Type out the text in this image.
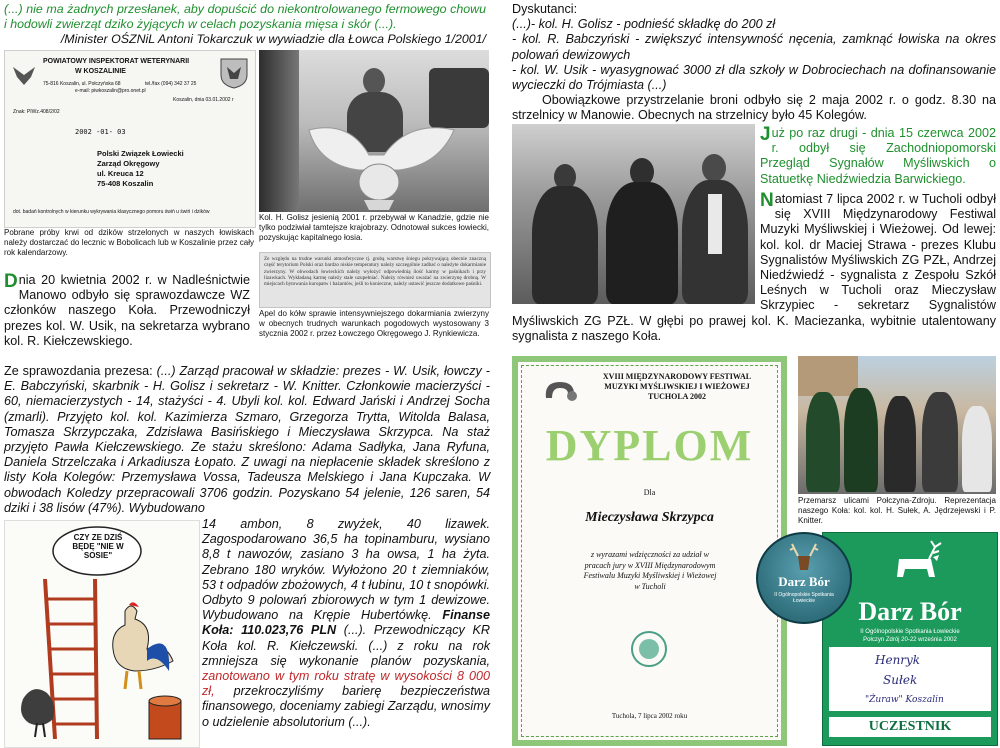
(...) nie ma żadnych przesłanek, aby dopuścić do niekontrolowanego fermowego chowu i hodowli zwierząt dziko żyjących w celach pozyskania mięsa i skór (...).
/Minister OŚZNiL Antoni Tokarczuk w wywiadzie dla Łowca Polskiego 1/2001/
POWIATOWY INSPEKTORAT WETERYNARII
W KOSZALINIE
75-816 Koszalin, ul. Połczyńska 68	tel./fax (094) 342 37 25
e-mail: piwkoszalin@pro.onet.pl
Koszalin, dnia 03.01.2002 r
Znak: PIWz.408/2/02
2002 -01- 03
Polski Związek Łowiecki
Zarząd Okręgowy
ul. Kreuca 12
75-408 Koszalin
dot. badań kontrolnych w kierunku wykrywania klasycznego pomoru świń u świń i dzików
Pobrane próby krwi od dzików strzelonych w naszych łowiskach należy dostarczać do lecznic w Bobolicach lub w Koszalinie przez cały rok kalendarzowy.
Kol. H. Golisz jesienią 2001 r. przebywał w Kanadzie, gdzie nie tylko podziwiał tamtejsze krajobrazy. Odnotował sukces łowiecki, pozyskując kapitalnego łosia.
Ze względu na trudne warunki atmosferyczne tj. grubą warstwę śniegu pokrywającą obecnie znaczną część terytorium Polski oraz bardzo niskie temperatury należy szczególnie zadbać o należyte dokarmianie zwierzyny. W obwodach łowieckich należy wyłożyć odpowiednią ilość karmy w paśnikach i przy lizawkach. Wykładaną karmę należy stale uzupełniać. Należy również uważać na zwierzynę drobną. W miejscach bytowania kuropatw i bażantów, jeśli to konieczne, należy ustawić jeszcze dodatkowe paśniki.
Apel do kółw sprawie intensywniejszego dokarmiania zwierzyny w obecnych trudnych warunkach pogodowych wystosowany 3 stycznia 2002 r. przez Łowczego Okręgowego J. Rynkiewicza.
Dnia 20 kwietnia 2002 r. w Nadleśnictwie Manowo odbyło się sprawozdawcze WZ członków naszego Koła. Przewodniczył prezes kol. W. Usik, na sekretarza wybrano kol. R. Kiełczewskiego.
Ze sprawozdania prezesa: (...) Zarząd pracował w składzie: prezes - W. Usik, łowczy - E. Babczyński, skarbnik - H. Golisz i sekretarz - W. Knitter. Członkowie macierzyści - 60, niemacierzystych - 14, stażyści - 4. Ubyli kol. kol. Edward Jański i Andrzej Socha (zmarli). Przyjęto kol. kol. Kazimierza Szmaro, Grzegorza Trytta, Witolda Balasa, Tomasza Skrzypczaka, Zdzisława Basińskiego i Mieczysława Skrzypca. Na staż przyjęto Pawła Kiełczewskiego. Ze stażu skreślono: Adama Sadłyka, Jana Ryfuna, Daniela Strzelczaka i Arkadiusza Łopato. Z uwagi na niepłacenie składek skreślono z listy Koła Kolegów: Przemysława Vossa, Tadeusza Melskiego i Jana Kupczaka. W obwodach Koledzy przepracowali 3706 godzin. Pozyskano 54 jelenie, 126 saren, 54 dziki i 38 lisów (47%). Wybudowano
CZY ZE DZIŚ BĘDĘ "NIE W SOSIE"
14 ambon, 8 zwyżek, 40 lizawek. Zagospodarowano 36,5 ha topinamburu, wysiano 8,8 t nawozów, zasiano 3 ha owsa, 1 ha żyta. Zebrano 180 wryków. Wyłożono 20 t ziemniaków, 53 t odpadów zbożowych, 4 t łubinu, 10 t snopówki. Odbyto 9 polowań zbiorowych w tym 1 dewizowe. Wybudowano na Krępie Hubertówkę. Finanse Koła: 110.023,76 PLN (...). Przewodniczący KR Koła kol. R. Kiełczewski. (...) z roku na rok zmniejsza się wykonanie planów pozyskania, zanotowano w tym roku stratę w wysokości 8 000 zł, przekroczyliśmy barierę bezpieczeństwa finansowego, doceniamy zabiegi Zarządu, wnosimy o udzielenie absolutorium (...).

Dyskutanci:

(...)- kol. H. Golisz - podnieść składkę do 200 zł

- kol. R. Babczyński - zwiększyć intensywność nęcenia, zamknąć łowiska na okres polowań dewizowych

- kol. W. Usik - wyasygnować 3000 zł dla szkoły w Dobrociechach na dofinansowanie wycieczki do Trójmiasta (...)

Obowiązkowe przystrzelanie broni odbyło się 2 maja 2002 r. o godz. 8.30 na strzelnicy w Manowie. Obecnych na strzelnicy było 45 Kolegów.

Już po raz drugi - dnia 15 czerwca 2002 r. odbył się Zachodniopomorski Przegląd Sygnałów Myśliwskich o Statuetkę Niedźwiedzia Barwickiego.
Natomiast 7 lipca 2002 r. w Tucholi odbył się XVIII Międzynarodowy Festiwal Muzyki Myśliwskiej i Wieżowej. Od lewej: kol. kol. dr Maciej Strawa - prezes Klubu Sygnalistów Myśliwskich ZG PZŁ, Andrzej Niedźwiedź - sygnalista z Zespołu Szkół Leśnych w Tucholi oraz Mieczysław Skrzypiec - sekretarz Sygnalistów Myśliwskich ZG PZŁ. W głębi po prawej kol. K. Maciezanka, wybitnie utalentowany sygnalista z naszego Koła.
XVIII MIĘDZYNARODOWY FESTIWAL
MUZYKI MYŚLIWSKIEJ I WIEŻOWEJ
TUCHOLA 2002
DYPLOM
Dla
Mieczysława Skrzypca
z wyrazami wdzięczności za udział w pracach jury w XVIII Międzynarodowym Festiwalu Muzyki Myśliwskiej i Wieżowej w Tucholi
Tuchola, 7 lipca 2002 roku
Przemarsz ulicami Połczyna-Zdroju. Reprezentacja naszego Koła: kol. kol. H. Sułek, A. Jędrzejewski i P. Knitter.
Darz Bór
II Ogólnopolskie Spotkania Łowieckie
Połczyn Zdrój 20-22 września 2002
Henryk
Sułek
"Żuraw" Koszalin
UCZESTNIK
Darz Bór
II Ogólnopolskie Spotkania Łowieckie
